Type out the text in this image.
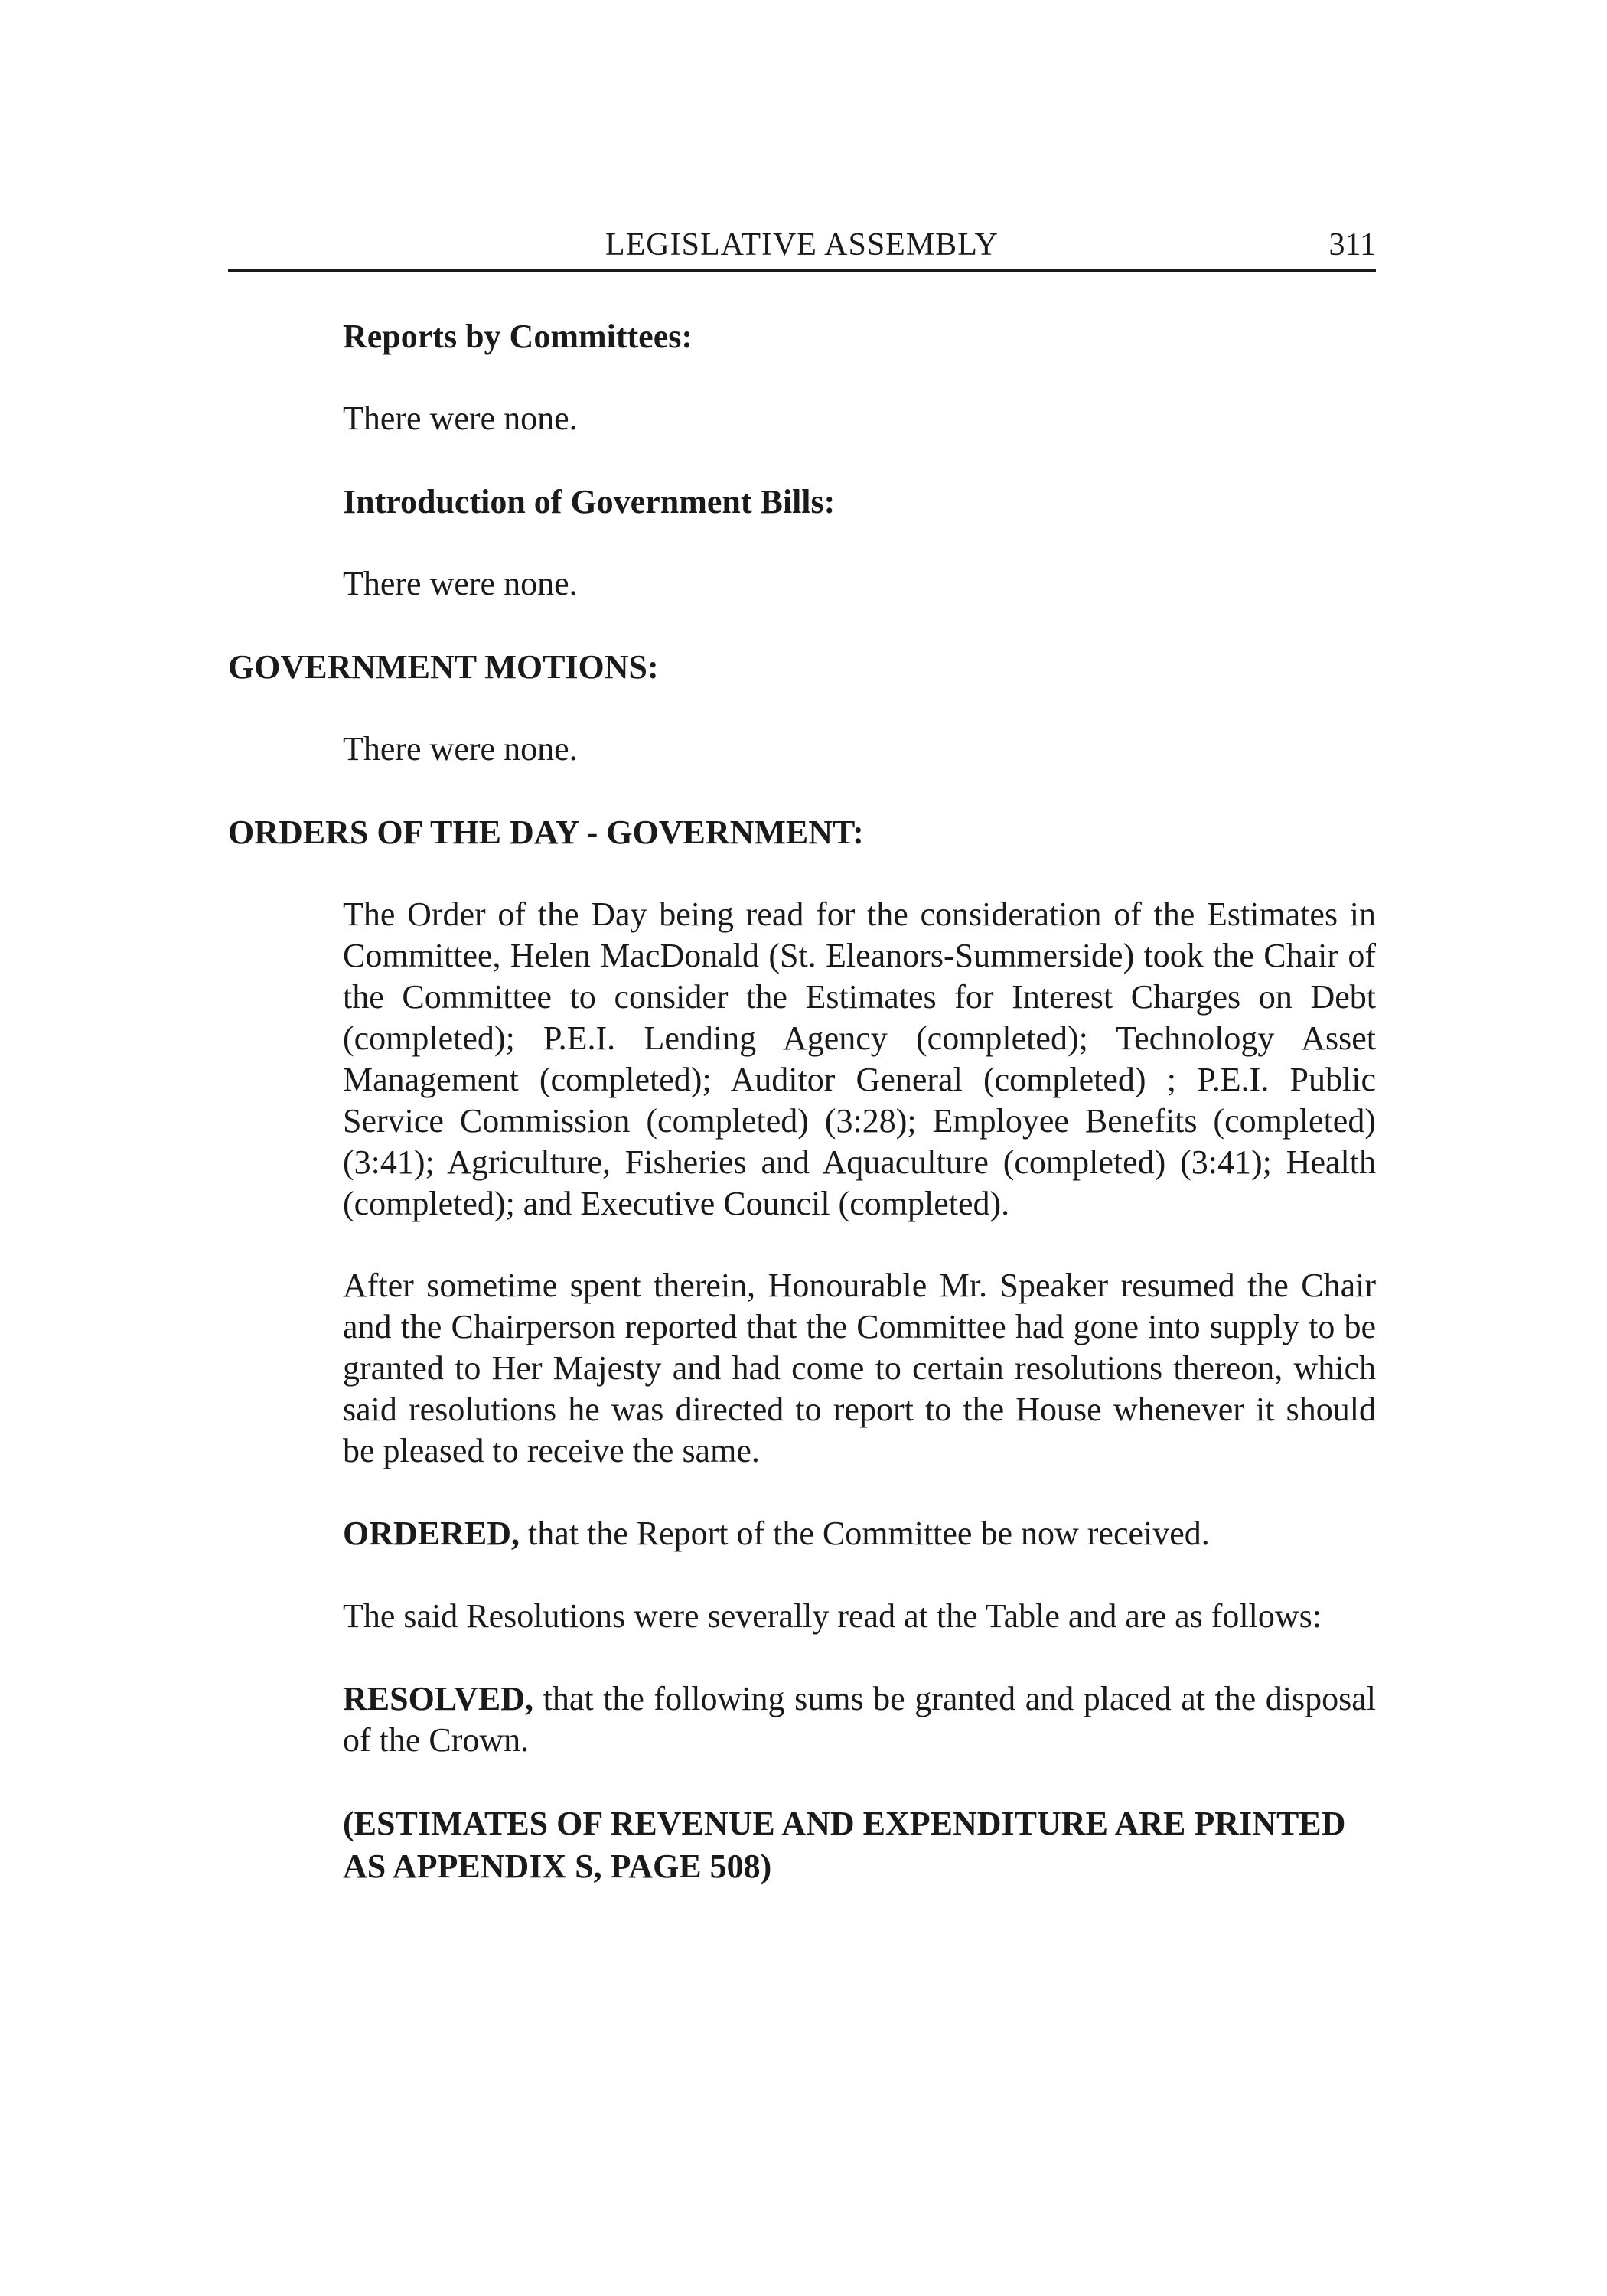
LEGISLATIVE ASSEMBLY	311

Reports by Committees:

There were none.

Introduction of Government Bills:

There were none.

GOVERNMENT MOTIONS:

There were none.

ORDERS OF THE DAY - GOVERNMENT:

The Order of the Day being read for the consideration of the Estimates in Committee, Helen MacDonald (St. Eleanors-Summerside) took the Chair of the Committee to consider the Estimates for Interest Charges on Debt (completed); P.E.I. Lending Agency (completed); Technology Asset Management (completed); Auditor General (completed) ; P.E.I. Public Service Commission (completed) (3:28); Employee Benefits (completed) (3:41); Agriculture, Fisheries and Aquaculture (completed) (3:41); Health (completed); and Executive Council (completed).

After sometime spent therein, Honourable Mr. Speaker resumed the Chair and the Chairperson reported that the Committee had gone into supply to be granted to Her Majesty and had come to certain resolutions thereon, which said resolutions he was directed to report to the House whenever it should be pleased to receive the same.

ORDERED, that the Report of the Committee be now received.

The said Resolutions were severally read at the Table and are as follows:

RESOLVED, that the following sums be granted and placed at the disposal of the Crown.

(ESTIMATES OF REVENUE AND EXPENDITURE ARE PRINTED AS APPENDIX S, PAGE 508)
